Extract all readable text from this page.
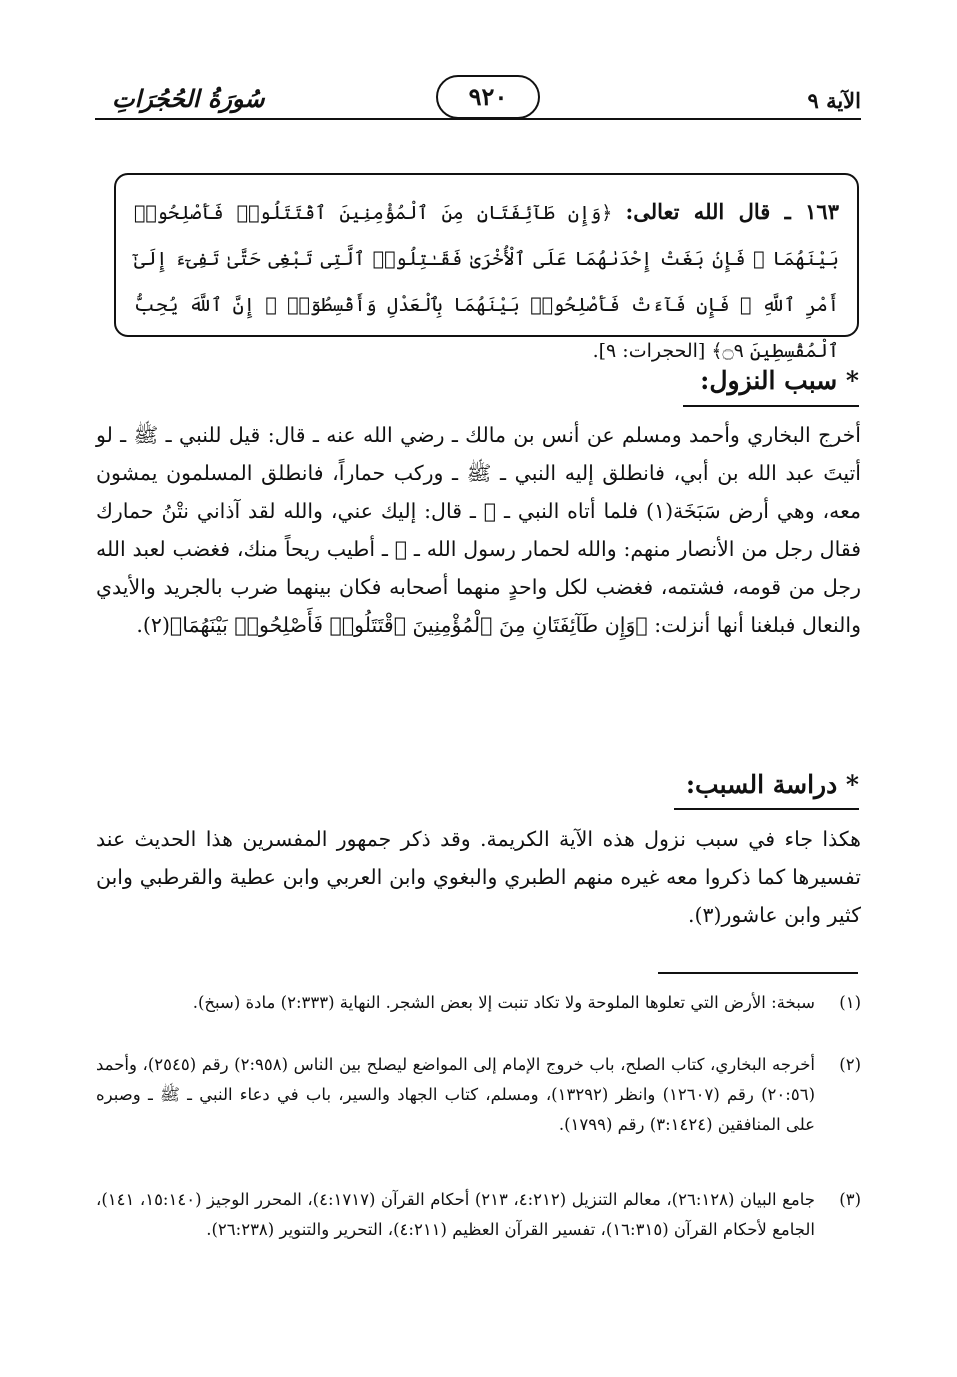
الآية ٩
٩٢٠
سُورَةُ الحُجُرَاتِ
١٦٣ ـ قال الله تعالى: ﴿وَإِن طَآئِفَتَانِ مِنَ ٱلْمُؤْمِنِينَ ٱقْتَتَلُوا۟ فَأَصْلِحُوا۟ بَيْنَهُمَا ۖ فَإِنۢ بَغَتْ إِحْدَىٰهُمَا عَلَى ٱلْأُخْرَىٰ فَقَـٰتِلُوا۟ ٱلَّتِى تَبْغِى حَتَّىٰ تَفِىٓءَ إِلَىٰٓ أَمْرِ ٱللَّهِ ۚ فَإِن فَآءَتْ فَأَصْلِحُوا۟ بَيْنَهُمَا بِٱلْعَدْلِ وَأَقْسِطُوٓا۟ ۖ إِنَّ ٱللَّهَ يُحِبُّ ٱلْمُقْسِطِينَ ۝٩﴾ [الحجرات: ٩].
* سبب النزول:
أخرج البخاري وأحمد ومسلم عن أنس بن مالك ـ رضي الله عنه ـ قال: قيل للنبي ـ ﷺ ـ لو أتيتَ عبد الله بن أبي، فانطلق إليه النبي ـ ﷺ ـ وركب حماراً، فانطلق المسلمون يمشون معه، وهي أرض سَبَخَة(١) فلما أتاه النبي ـ ﷺ ـ قال: إليك عني، والله لقد آذاني نتْنُ حمارك فقال رجل من الأنصار منهم: والله لحمار رسول الله ـ ﷺ ـ أطيب ريحاً منك، فغضب لعبد الله رجل من قومه، فشتمه، فغضب لكل واحدٍ منهما أصحابه فكان بينهما ضرب بالجريد والأيدي والنعال فبلغنا أنها أنزلت: ﴿وَإِن طَآئِفَتَانِ مِنَ ٱلْمُؤْمِنِينَ ٱقْتَتَلُوا۟ فَأَصْلِحُوا۟ بَيْنَهُمَا﴾(٢).
* دراسة السبب:
هكذا جاء في سبب نزول هذه الآية الكريمة. وقد ذكر جمهور المفسرين هذا الحديث عند تفسيرها كما ذكروا معه غيره منهم الطبري والبغوي وابن العربي وابن عطية والقرطبي وابن كثير وابن عاشور(٣).
(١)
سبخة: الأرض التي تعلوها الملوحة ولا تكاد تنبت إلا بعض الشجر. النهاية (٢:٣٣٣) مادة (سبخ).
(٢)
أخرجه البخاري، كتاب الصلح، باب خروج الإمام إلى المواضع ليصلح بين الناس (٢:٩٥٨) رقم (٢٥٤٥)، وأحمد (٢٠:٥٦) رقم (١٢٦٠٧) وانظر (١٣٢٩٢)، ومسلم، كتاب الجهاد والسير، باب في دعاء النبي ـ ﷺ ـ وصبره على المنافقين (٣:١٤٢٤) رقم (١٧٩٩).
(٣)
جامع البيان (٢٦:١٢٨)، معالم التنزيل (٤:٢١٢، ٢١٣) أحكام القرآن (٤:١٧١٧)، المحرر الوجيز (١٥:١٤٠، ١٤١)، الجامع لأحكام القرآن (١٦:٣١٥)، تفسير القرآن العظيم (٤:٢١١)، التحرير والتنوير (٢٦:٢٣٨).
